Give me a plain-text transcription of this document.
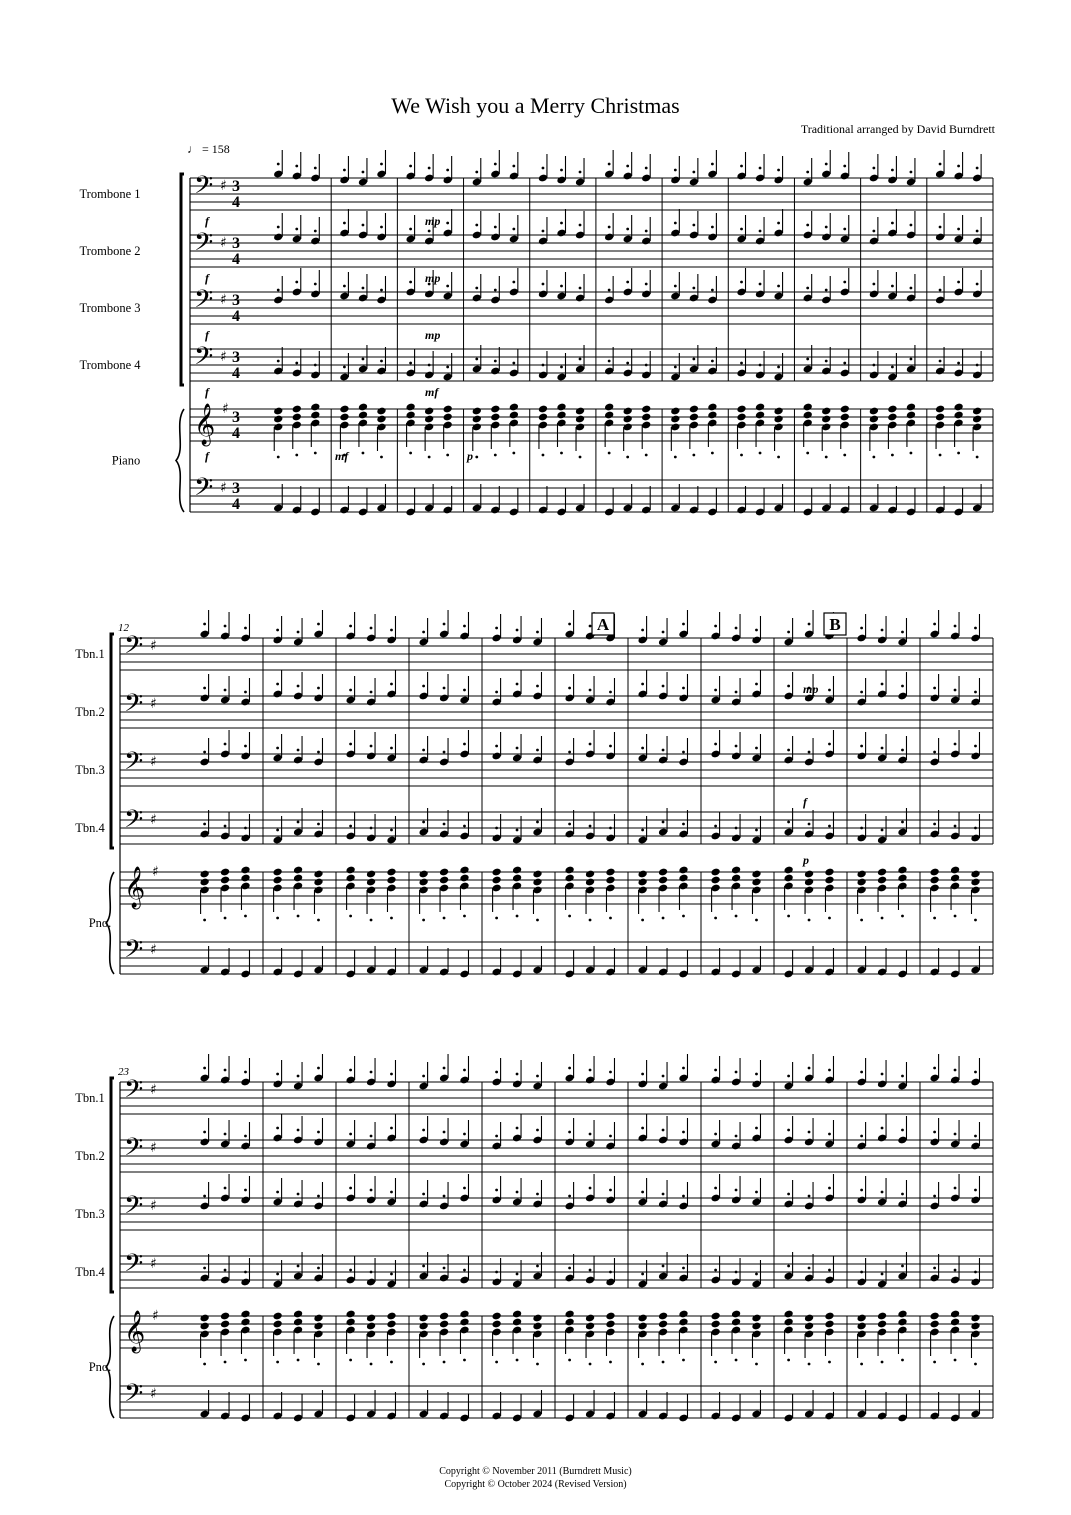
We Wish you a Merry Christmas
Traditional arranged by David Burndrett
♩ = 158
Trombone 1
Trombone 2
Trombone 3
Trombone 4
Piano
𝄢 ♯ 3
4
𝄢 ♯ 3
4
𝄢 ♯ 3
4
𝄢 ♯ 3
4
𝄞 ♯ 3
4
𝄢 ♯ 3
4
Tbn.1
Tbn.2
Tbn.3
Tbn.4
Pno.
𝄢 ♯
𝄢 ♯
𝄢 ♯
𝄢 ♯
𝄞 ♯
𝄢 ♯
12
Tbn.1
Tbn.2
Tbn.3
Tbn.4
Pno.
𝄢 ♯
𝄢 ♯
𝄢 ♯
𝄢 ♯
𝄞 ♯
𝄢 ♯
23
f
f
f
f
mp
mp
mp
mf
f	mf	p
mp
f
p
A	B
Copyright © November 2011 (Burndrett Music)
Copyright © October 2024 (Revised Version)
